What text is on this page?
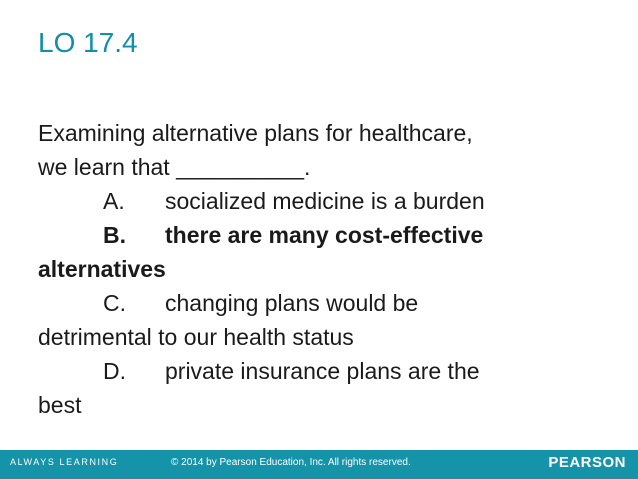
LO 17.4
Examining alternative plans for healthcare,
we learn that __________.
A. socialized medicine is a burden
B. there are many cost-effective
alternatives
C. changing plans would be
detrimental to our health status
D. private insurance plans are the
best
ALWAYS LEARNING	© 2014 by Pearson Education, Inc. All rights reserved.	PEARSON
